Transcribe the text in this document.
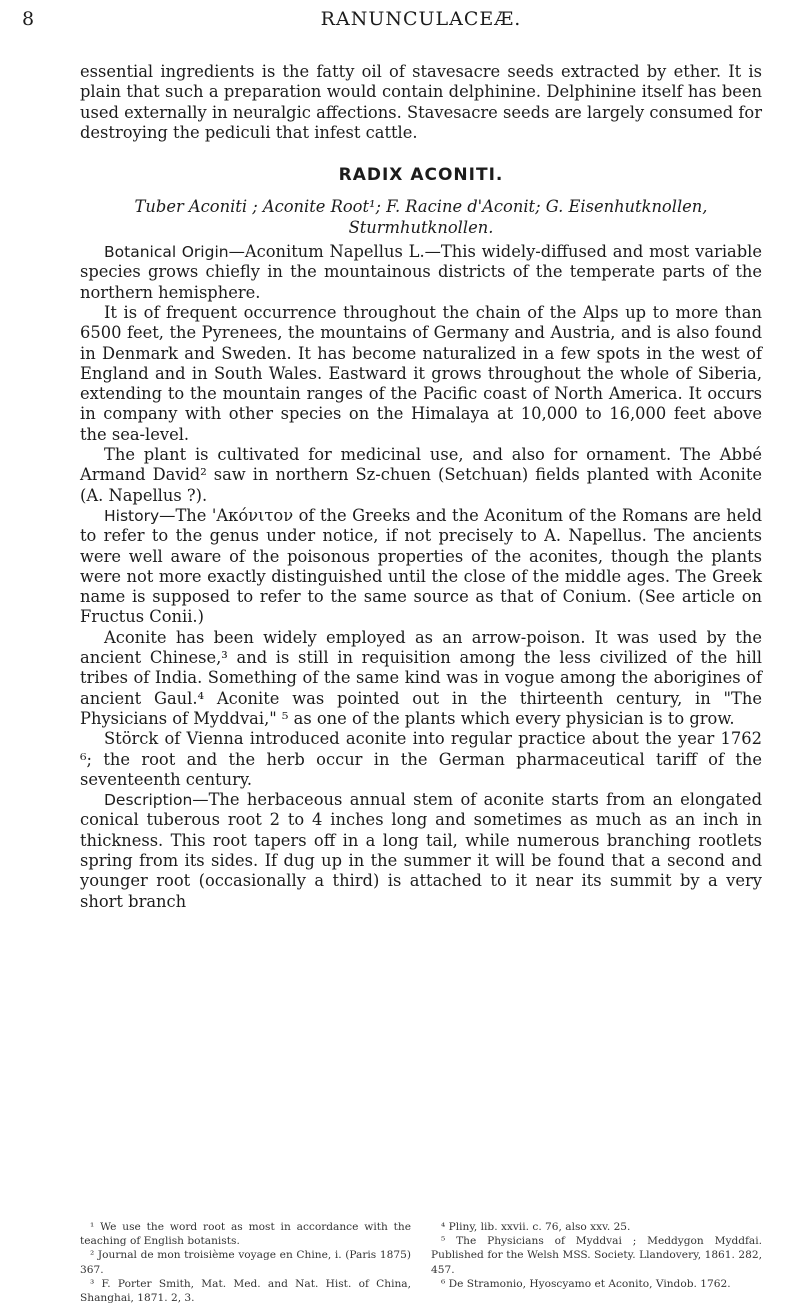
8	RANUNCULACEÆ.

essential ingredients is the fatty oil of stavesacre seeds extracted by ether. It is plain that such a preparation would contain delphinine. Delphinine itself has been used externally in neuralgic affections. Stavesacre seeds are largely consumed for destroying the pediculi that infest cattle.

RADIX ACONITI.
Tuber Aconiti ; Aconite Root¹; F. Racine d'Aconit; G. Eisenhutknollen,
Sturmhutknollen.

Botanical Origin—Aconitum Napellus L.—This widely-diffused and most variable species grows chiefly in the mountainous districts of the temperate parts of the northern hemisphere.

It is of frequent occurrence throughout the chain of the Alps up to more than 6500 feet, the Pyrenees, the mountains of Germany and Austria, and is also found in Denmark and Sweden. It has become naturalized in a few spots in the west of England and in South Wales. Eastward it grows throughout the whole of Siberia, extending to the mountain ranges of the Pacific coast of North America. It occurs in company with other species on the Himalaya at 10,000 to 16,000 feet above the sea-level.

The plant is cultivated for medicinal use, and also for ornament. The Abbé Armand David² saw in northern Sz-chuen (Setchuan) fields planted with Aconite (A. Napellus ?).

History—The 'Ακόνιτον of the Greeks and the Aconitum of the Romans are held to refer to the genus under notice, if not precisely to A. Napellus. The ancients were well aware of the poisonous properties of the aconites, though the plants were not more exactly distinguished until the close of the middle ages. The Greek name is supposed to refer to the same source as that of Conium. (See article on Fructus Conii.)

Aconite has been widely employed as an arrow-poison. It was used by the ancient Chinese,³ and is still in requisition among the less civilized of the hill tribes of India. Something of the same kind was in vogue among the aborigines of ancient Gaul.⁴ Aconite was pointed out in the thirteenth century, in "The Physicians of Myddvai," ⁵ as one of the plants which every physician is to grow.

Störck of Vienna introduced aconite into regular practice about the year 1762 ⁶; the root and the herb occur in the German pharmaceutical tariff of the seventeenth century.

Description—The herbaceous annual stem of aconite starts from an elongated conical tuberous root 2 to 4 inches long and sometimes as much as an inch in thickness. This root tapers off in a long tail, while numerous branching rootlets spring from its sides. If dug up in the summer it will be found that a second and younger root (occasionally a third) is attached to it near its summit by a very short branch

¹ We use the word root as most in accordance with the teaching of English botanists.

² Journal de mon troisième voyage en Chine, i. (Paris 1875) 367.

³ F. Porter Smith, Mat. Med. and Nat. Hist. of China, Shanghai, 1871. 2, 3.

⁴ Pliny, lib. xxvii. c. 76, also xxv. 25.

⁵ The Physicians of Myddvai ; Meddygon Myddfai. Published for the Welsh MSS. Society. Llandovery, 1861. 282, 457.

⁶ De Stramonio, Hyoscyamo et Aconito, Vindob. 1762.
